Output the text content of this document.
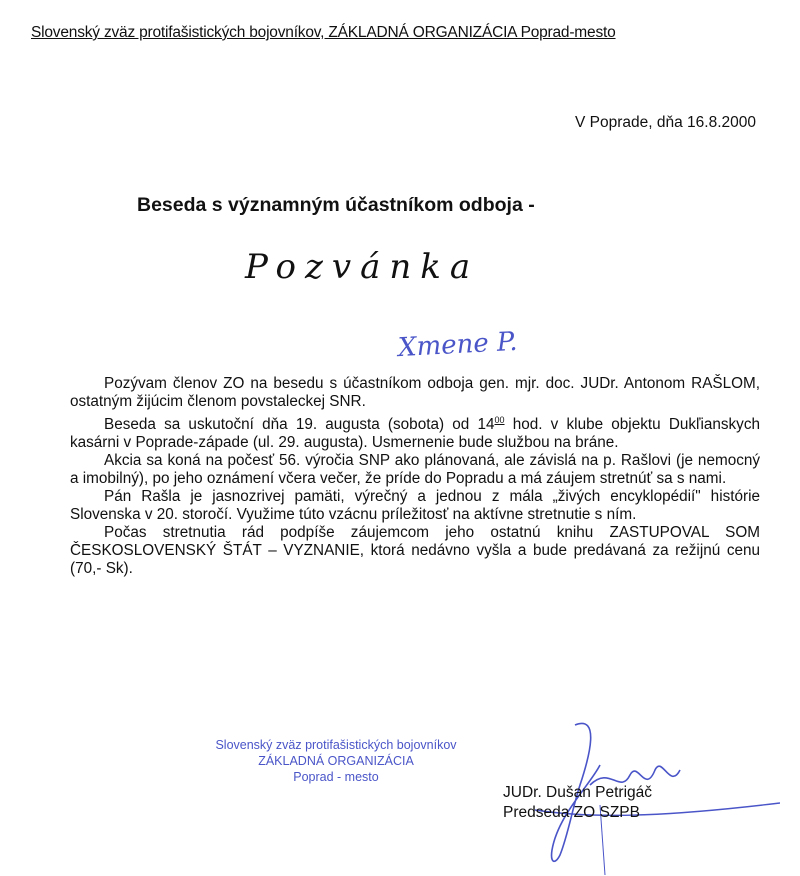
Slovenský zväz protifašistických bojovníkov, ZÁKLADNÁ ORGANIZÁCIA Poprad-mesto
V Poprade, dňa 16.8.2000
Beseda s významným účastníkom odboja -
Pozvánka
Xmene P.

Pozývam členov ZO na besedu s účastníkom odboja gen. mjr. doc. JUDr. Antonom RAŠLOM, ostatným žijúcim členom povstaleckej SNR.

Beseda sa uskutoční dňa 19. augusta (sobota) od $14^{00}$ hod. v klube objektu Dukľianskych kasárni v Poprade-západe (ul. 29. augusta). Usmernenie bude službou na bráne.

Akcia sa koná na počesť 56. výročia SNP ako plánovaná, ale závislá na p. Rašlovi (je nemocný a imobilný), po jeho oznámení včera večer, že príde do Popradu a má záujem stretnúť sa s nami.

Pán Rašla je jasnozrivej pamäti, výrečný a jednou z mála „živých encyklopédií" histórie Slovenska v 20. storočí. Využime túto vzácnu príležitosť na aktívne stretnutie s ním.

Počas stretnutia rád podpíše záujemcom jeho ostatnú knihu ZASTUPOVAL SOM ČESKOSLOVENSKÝ ŠTÁT – VYZNANIE, ktorá nedávno vyšla a bude predávaná za režijnú cenu (70,- Sk).

Slovenský zväz protifašistických bojovníkov
ZÁKLADNÁ ORGANIZÁCIA
Poprad - mesto
JUDr. Dušan Petrigáč
Predseda ZO SZPB
